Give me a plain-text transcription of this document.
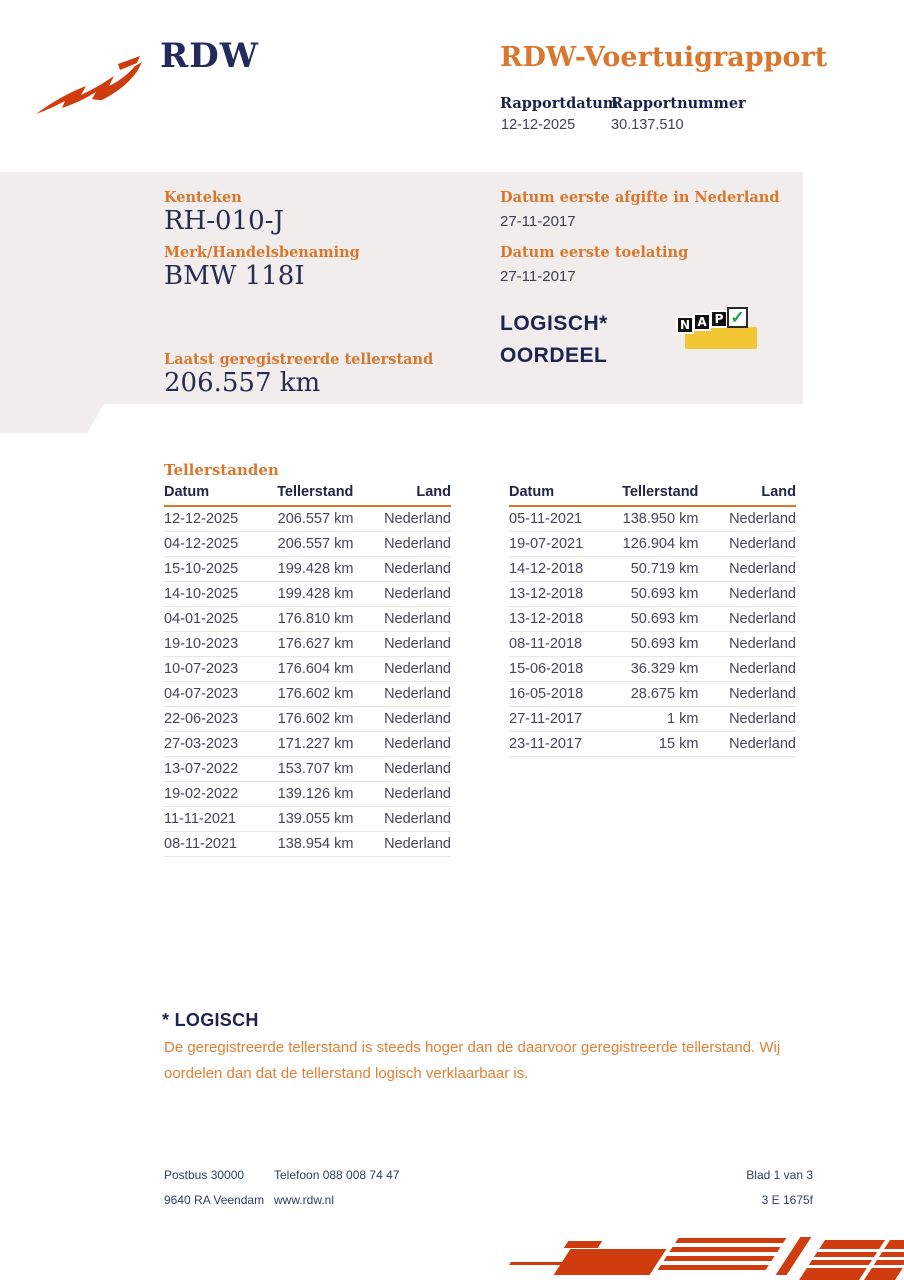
RDW	RDW-Voertuigrapport
Rapportdatum
Rapportnummer
12-12-2025 30.137.510
Kenteken
RH-010-J
Merk/Handelsbenaming
BMW 118I
Datum eerste afgifte in Nederland
27-11-2017
Datum eerste toelating
27-11-2017
LOGISCH*
OORDEEL
N A P ✓
Laatst geregistreerde tellerstand
206.557 km
Tellerstanden
Datum	Tellerstand	Land
12-12-2025	206.557 km	Nederland
04-12-2025	206.557 km	Nederland
15-10-2025	199.428 km	Nederland
14-10-2025	199.428 km	Nederland
04-01-2025	176.810 km	Nederland
19-10-2023	176.627 km	Nederland
10-07-2023	176.604 km	Nederland
04-07-2023	176.602 km	Nederland
22-06-2023	176.602 km	Nederland
27-03-2023	171.227 km	Nederland
13-07-2022	153.707 km	Nederland
19-02-2022	139.126 km	Nederland
11-11-2021	139.055 km	Nederland
08-11-2021	138.954 km	Nederland
Datum	Tellerstand	Land
05-11-2021	138.950 km	Nederland
19-07-2021	126.904 km	Nederland
14-12-2018	50.719 km	Nederland
13-12-2018	50.693 km	Nederland
13-12-2018	50.693 km	Nederland
08-11-2018	50.693 km	Nederland
15-06-2018	36.329 km	Nederland
16-05-2018	28.675 km	Nederland
27-11-2017	1 km	Nederland
23-11-2017	15 km	Nederland
* LOGISCH
De geregistreerde tellerstand is steeds hoger dan de daarvoor geregistreerde tellerstand. Wij oordelen dan dat de tellerstand logisch verklaarbaar is.
Postbus 30000 Telefoon 088 008 74 47	Blad 1 van 3
9640 RA Veendam www.rdw.nl	3 E 1675f
